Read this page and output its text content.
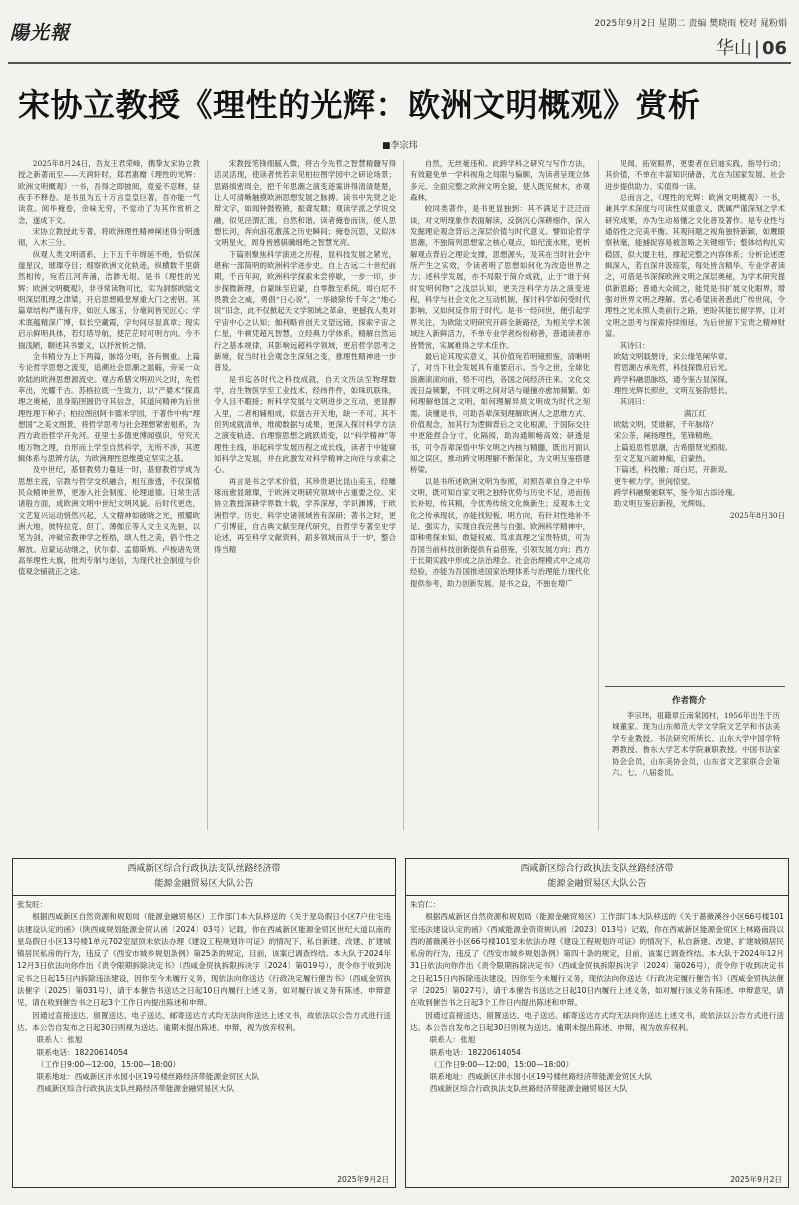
陽光報	2025年9月2日 星期二 责编 樊晓雨 校对 晁粉娟
华山 | 06
宋协立教授《理性的光辉：欧洲文明概观》赏析
■李宗玮

2025年8月24日，吾友王君荣峰，携挚友宋协立教授之新著而至——天润轩时，郑君惠赠《理性的光辉：欧洲文明概观》一书，吾得之即披阅，竟爱不忍释，昼夜手不释卷。是书虽为五十万言皇皇巨著，吾亦能一气读竟。阅毕掩卷，余味无穷，不觉动了为其作赏析之念，遂成下文。

宋协立教授此专著，将欧洲理性精神阐述得分明透彻，入木三分。

纵观人类文明谱系，上下五千年绵延不绝，恰似深邃星汉，璀璨夺目；细察欧洲文化轨迹，纵横数千里蔚然相传，宛若江河奔涌，浩渺无垠。是书《理性的光辉：欧洲文明概观》，非寻常读物可比，实为洞察欧陆文明深层肌理之津梁，开启思想殿堂厚重大门之密钥。其篇章结构严谨有序，如匠人琢玉，分毫间皆见匠心；学术底蕴精深广博，似长空藏霞，字句间尽显真章；现实启示鲜明具体，若灯塔导航，使茫茫时可明方向。今不揣浅陋，聊述其书要义，以抒赏析之情。

全书精分为上下两篇，脉络分明，各有侧重。上篇专论哲学思想之流变，追溯社会思潮之滥觞，旁采一众欧陆的欧洲思想源流史。观古希腊文明初兴之时，先哲萃出，光耀千古。苏格拉底一生致力，以“产婆术”探真理之奥秘，虽身陷囹圄仍守其信念，其道问精神为后世理性理下种子；柏拉图创阿卡德米学园，于著作中构“理想国”之美文图景，将哲学思考与社会理想紧密相系，为西方政治哲学开先河。亚里士多德更博闻强识，穷究天地万物之理，自形而上学至自然科学，无所不涉，其逻辑体系与思辨方法，为欧洲理性思维奠定坚实之基。

及中世纪，基督教势力蔓延一时，基督教哲学成为思想主流，宗教与哲学交织融合，相互渗透，不仅深植民众精神世界，更渗入社会制度、伦理道德、日常生活诸般方面，成欧洲文明中世纪文明风貌。后时代更迭，文艺复兴运动悄然兴起，人文精神如破晓之光，照耀欧洲大地，彼特拉克、但丁、薄伽丘等人文主义先驱，以笔为剑，冲破宗教神学之桎梏，颂人性之美，倡个性之解放。启蒙运动继之，伏尔泰、孟德斯鸠、卢梭诸先贤高举理性大旗，批判专制与迷信，为现代社会制度与价值观念铺就正之途。

宋教授笔锋细腻入微，将古今先哲之智慧精髓写得活灵活现，使读者恍若亲见柏拉图学园中之研论场景；思路缜密周全，把千年思潮之演变逐案讲得清清楚楚，让人可清晰触摸欧洲思想发展之脉搏。读书中先贤之论辩文字，如闻钟鼓铿锵，振聋发聩；观读学派之学说交融，似见泾渭汇流，自然和谐。读者掩卷而读，使人思想长河，奔向浪花激荡之历史瞬间；掩卷沉思，又似沐文明星火，周身皆感骐骥细绝之智慧光亮。

下篇则聚焦科学演进之历程，显科技发展之紧光，堪称一部简明的欧洲科学进步史。自上古远二十世纪前期，千百年间，欧洲科学探索未尝停歇，一步一印，步步探微新理，自蒙昧至启蒙，自零散至系统。哥白尼不畏教会之威，勇倡“日心说”，一举破除传千年之“地心说”旧念，此不仅掀起天文学领域之革命，更撼我人类对宇宙中心之认知；伽利略首创天文望远镜，探索宇宙之仁星，牛顿凭超凡智慧，立经典力学体系，精解自然运行之基本规律，其影响远超科学领域，更启哲学思考之新境，促当时社会观念生深刻之变，推理性精神进一步普及。

是书迄各时代之科技成就，自天文历法至物理数学，自生物医学至工业技术，经纬件件，如珠玑联珠，令人目不暇接；析科学发展与文明进步之互动，更显醇入里，二者相辅相成，似盘古开天地，缺一不可。其不但列成就清单，堆砌数据与成果，更深入探讨科学方法之演变轨迹、自理察思想之跳跃质变，以“科学精神”等理性主线，串起科学发展历程之成长线，读者于中能窥知科学之发展，并在此激发对科学精神之向往与求索之心。

再言是书之学术价值，其珍贵堪比昆山美玉，经雕琢而愈显璀璨，于欧洲文明研究领域中占重要之位。宋协立教授深耕学界数十载，学养深厚，学识渊博，于欧洲哲学、历史、科学史诸领域皆有深研；著书之时，更广引博征，自古典文献至现代研究，自哲学专著至史学论述，再至科学文献资料，蹈多领域而从于一炉，整合得当精

自然，无丝毫违和。此跨学科之研究与写作方法，有效避免单一学科视角之局限与偏颇，为读者呈现立体多元、全面完整之欧洲文明全貌，使人既见树木，亦观森林。

较同类著作，是书更显独到：其不满足于泛泛而谈，对文明现象作表面解读，反倒沉心深耕细作，深入发掘理论观念背后之深层价值与时代意义。譬如论哲学思潮，不独简列思想家之核心观点，如纪流水账，更析解观点背后之理论支撑，思想源头，及其在当时社会中所产生之实效，令读者明了思想如何化为改造世界之力；述科学发展，亦不局限于简介成就，止于“谁于何时发明何物”之浅层认知，更关注科学方法之演变进程，科学与社会文化之互动机制，探讨科学如何受时代影响，又如何反作用于时代。是书一经问世，便引起学界关注，为欧陆文明研究开辟全新路径，为相关学术领域注入新鲜活力，不单专业学者纷纷称善，普通读者亦皆赞赏，实属难得之学术佳作。

最后论其现实意义，其价值宛若明镜照鉴，清晰明了，对当下社会发展具有重要启示。当今之世，全球化浪潮滚滚向前，势不可挡，各国之间经济往来、文化交流日益频繁，不同文明之间对话与碰撞亦愈加频繁。如何理解他国之文明，如何理解异质文明成为时代之刻需。读懂是书，可助吾辈深刻理解欧洲人之思维方式、价值观念，加其行为逻辑背后之文化根源，于国际交往中更能捏合分寸，化隔阂，助沟通顺畅高效；研透是书，可令吾辈深悟中华文明之内核与精髓，既出月面认知之误区，推动跨文明理解不断深化，为文明互鉴搭建桥梁。

以是书所述欧洲文明为参照，对照吾辈自身之中华文明，既可知自家文明之独特优势与历史不足，进而扬长补短，传其精，令优秀传统文化焕新生；反观本土文化之传承现状，亦能找短板、明方向，有针对性地补不足、强实力，实现自我完善与自强。欧洲科学精神中，即种勇探未知、敢疑权威、笃求真理之宝贵特质，可为吾国当前科技创新提供有益借鉴，引领发展方向；西方于长期实践中形成之法治理念、社会治理模式中之成功经验，亦能为吾国推进国家治理体系与治理能力现代化提供参考，助力创新发展。是书之益，不独在增广

见闻、拓宽眼界，更要者在启迪实践、指导行动；其价值，不单在丰富知识储备，尤在为国家发展、社会进步提供助力、实值得一读。

总而言之，《理性的光辉：欧洲文明概观》一书，兼具学术深度与可读性双重意义，既属严谨深刻之学术研究成果，亦为生动易懂之文化普及著作。是专业性与通俗性之完美平衡。其观问题之视角独特新颖，如鹰眼察秋毫，能捕捉容易被忽略之关键细节；整体结构扎实稳固，似大厦主柱，撑起完整之内容体系；分析论述逻辑深入，若自深井汲琼浆，每处皆含精华。专业学者读之，可借是书深探欧洲文明之深层奥秘，为学术研究提供新思路；普通大众阅之，能凭是书扩展文化眼界，增强对世界文明之理解。衷心希望读者悉此广传世间，令理性之光永照人类前行之路，更盼其能长留学界，让对文明之思考与探索持续绵延，为后世留下宝贵之精神财富。

其诗曰：

欧陆文明载册诗，宋公缘笔阐华章。

哲思潮古承先哲，科技探微启后光。

跨学科融思脉络，通今鉴古显深探。

理性光辉长照世，文明互鉴韵悠长。

其词曰：

满江红

欧陆文明，凭谁解，千年脉络？

宋公茶，阐扬理性，笔锋精绝。

上篇追思哲思潮，古希腊贤光照彻。

至文艺复兴破神痂，启蒙热。

下篇述，科技辙；哥白尼，开新说。

更牛顿力学，世间惊觉。

跨学科融聚驰联军，鉴今知古添诗瑰。

助文明互鉴启新程，光辉烁。

2025年8月30日

作者简介

李宗玮，祖籍章丘南棠园村，1956年出生于历城董家。现为山东师范大学文学院文艺学和书法美学专业教授、书法研究所所长、山东大学中国学特聘教授、鲁东大学艺术学院兼职教授。中国书法家协会会员，山东美协会员，山东省文艺家联合会第六、七、八届委员。

西咸新区综合行政执法支队丝路经济带
能源金融贸易区大队公告

张发旺：

根据西咸新区自然资源和规划局（能源金融贸易区）工作部门本大队移送的《关于星岛假日小区7户住宅违法建设认定的函》（陕西咸规划能源金贸认函〔2024〕03号）记载，你在西咸新区能源金贸区世纪大道以南的星岛假日小区13号楼1单元702室屋顶未依法办理《建设工程规划许可证》的情况下，私自新建、改建、扩建城镇居民私房的行为，违反了《西安市城乡规划条例》第25条的规定，目前，该案已调查终结。本大队于2024年12月3日依法向你作出《责令限期拆除决定书》（西咸金贸执拆限拆决字〔2024〕第019号），责令你于收到决定书之日起15日内拆除违法建设，因你至今未履行义务，现依法向你送达《行政决定履行催告书》（西咸金贸执法催字〔2025〕第031号），请于本催告书送达之日起10日内履行上述义务，如对履行该义务有陈述、申辩意见，请在收到催告书之日起3个工作日内提出陈述和申辩。

因通过直接送达、留置送达、电子送达、邮寄送达方式均无法向你送达上述文书，故依法以公告方式进行送达。本公告自发布之日起30日则视为送达。逾期未提出陈述、申辩，视为放弃权利。

联系人：张旭

联系电话：18220614054

（工作日9:00—12:00，15:00—18:00）

联系地址：西咸新区沣水园小区19号楼丝路经济带能源金贸区大队

西咸新区综合行政执法支队丝路经济带能源金融贸易区大队

2025年9月2日
西咸新区综合行政执法支队丝路经济带
能源金融贸易区大队公告

朱官仁：

根据西咸新区自然资源和规划局（能源金融贸易区）工作部门本大队移送的《关于蔷薇溪谷小区66号楼101室违法建设认定的函》（西咸能源金资资规认函〔2023〕013号）记载，你在西咸新区能源金贸区上林路南段以西的蔷薇溪谷小区66号楼101室未依法办理《建设工程规划许可证》的情况下，私自新建、改建、扩建城镇居民私房的行为，违反了《西安市城乡规划条例》第四十条的规定，目前，该案已调查终结。本大队于2024年12月31日依法向你作出《责令限期拆除决定书》（西咸金贸执拆限拆决字〔2024〕第026号），责令你于收到决定书之日起15日内拆除违法建设，因你至今未履行义务，现依法向你送达《行政决定履行催告书》（西咸金贸执法催字〔2025〕第027号），请于本催告书送达之日起10日内履行上述义务，如对履行该义务有陈述、申辩意见，请在收到催告书之日起3个工作日内提出陈述和申辩。

因通过直接送达、留置送达、电子送达、邮寄送达方式均无法向你送达上述文书，故依法以公告方式进行送达。本公告自发布之日起30日则视为送达。逾期未提出陈述、申辩，视为放弃权利。

联系人：张旭

联系电话：18220614054

（工作日9:00—12:00，15:00—18:00）

联系地址：西咸新区沣水园小区19号楼丝路经济带能源金贸区大队

西咸新区综合行政执法支队丝路经济带能源金融贸易区大队

2025年9月2日
